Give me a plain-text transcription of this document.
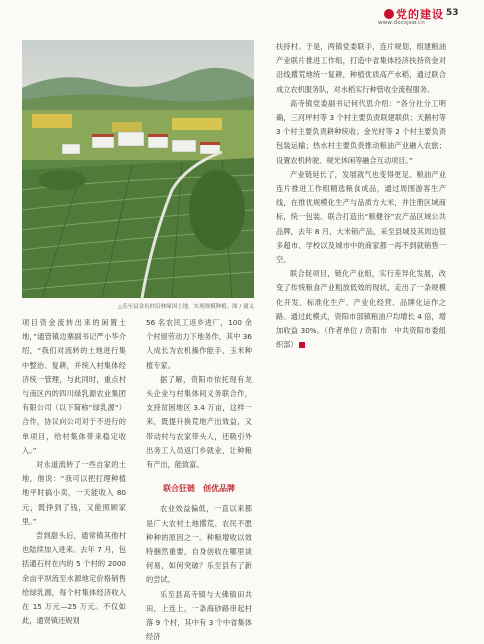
党的建设
www.docsjsw.cn
53
△乐至县金坑村沿林缘国土地，实现规模种植。图 / 谢义

项目资金流转出来的闲置土地，”通管镇边寨副书记严小华介绍，“我们对流转的土地进行集中整治、复耕，并统入村集体经济统一管理，与此同时，重点村与南区内的四川绿乳源农业集团有限公司（以下简称“绿乳源”）合作，协议向公司对于不进行的单项目，给村集体带来稳定收入。”

对永道流转了一些自家的土地，他说：“我可以把打理种植地平时搞小卖，一天能收入 80 元，既挣到了钱，又能照顾家里。”

尝到甜头后，通常镇其他村也陆续加入进来。去年 7 月，包括通石村在内的 5 个村的 2000 余亩平坝流至水源地定价格销售给绿乳源，每个村集体经济收入在 15 万元—25 万元。不仅如此，通贤镇还规划

56 名农民工返乡进厂，100 余个村留劳动力下地务作，其中 36 人成长为农机操作能手、玉米种植专家。

据了解，资阳市依托现有龙头企业与村集体间义务联合作，支持贫困地区 3.4 万亩，这样一来，既提升换荒地产出效益，又带动村与农家带头人，还吸引外出务工人员返门乡就业，让种粮有产出，能致富。

联合狂链　创优品牌

农业效益偏低，一直以来都是广大农村土地撂荒、农民不愿种种的原因之一。种粮增收以效特捆然重要，自身创收在哪里谈何易，如何突破？乐至县有了新的尝试。

乐至县高寺镇与大佛镇田共田，上连上，一条海砂路串起村落 9 个村，其中有 3 个中省集体经济

扶持村。于是，两镇党委联手，连片规划，组建粮油产业联片推进工作组，打造中省集体经济扶持资金对沿线撂荒地统一复耕，种植优质高产水稻，通过联合成立农机服务队，对水稻实行种管收全流程服务。

高寺镇党委副书记何代思介绍：“各分社分工明确，三河坪村等 3 个村主要负责联建联供；天鹅村等 3 个村主要负责耕种统收；金光村等 2 个村主要负责包装运输；热水村主要负责推动粮油产业融入农旅；设置农机转驶、规光休闲等融合互动项目。”

产业链延长了，发展就气也变得更足。粮油产业连片推进工作组精选粮食成品，通过周围游客生产线，在推优规模化生产与品质方大米，并注册区域商标，统一包装。联合打造出“粮健谷”农产品区域公共品牌，去年 8 月，大米销产品，采至县城及其周边很多超市、学校以及城市中的商家都一再不到就销售一空。

联合促项目，链化产业组，实行差异化发展，改变了传统粮食产业粗放低效的现状，走出了一条规模化开发、标准化生产、产业化经营、品牌化运作之路。通过此模式，资阳市部镇粮油户均增长 4 倍，增加收益 30%。（作者单位 / 资阳市　中共资阳市委组织部）
